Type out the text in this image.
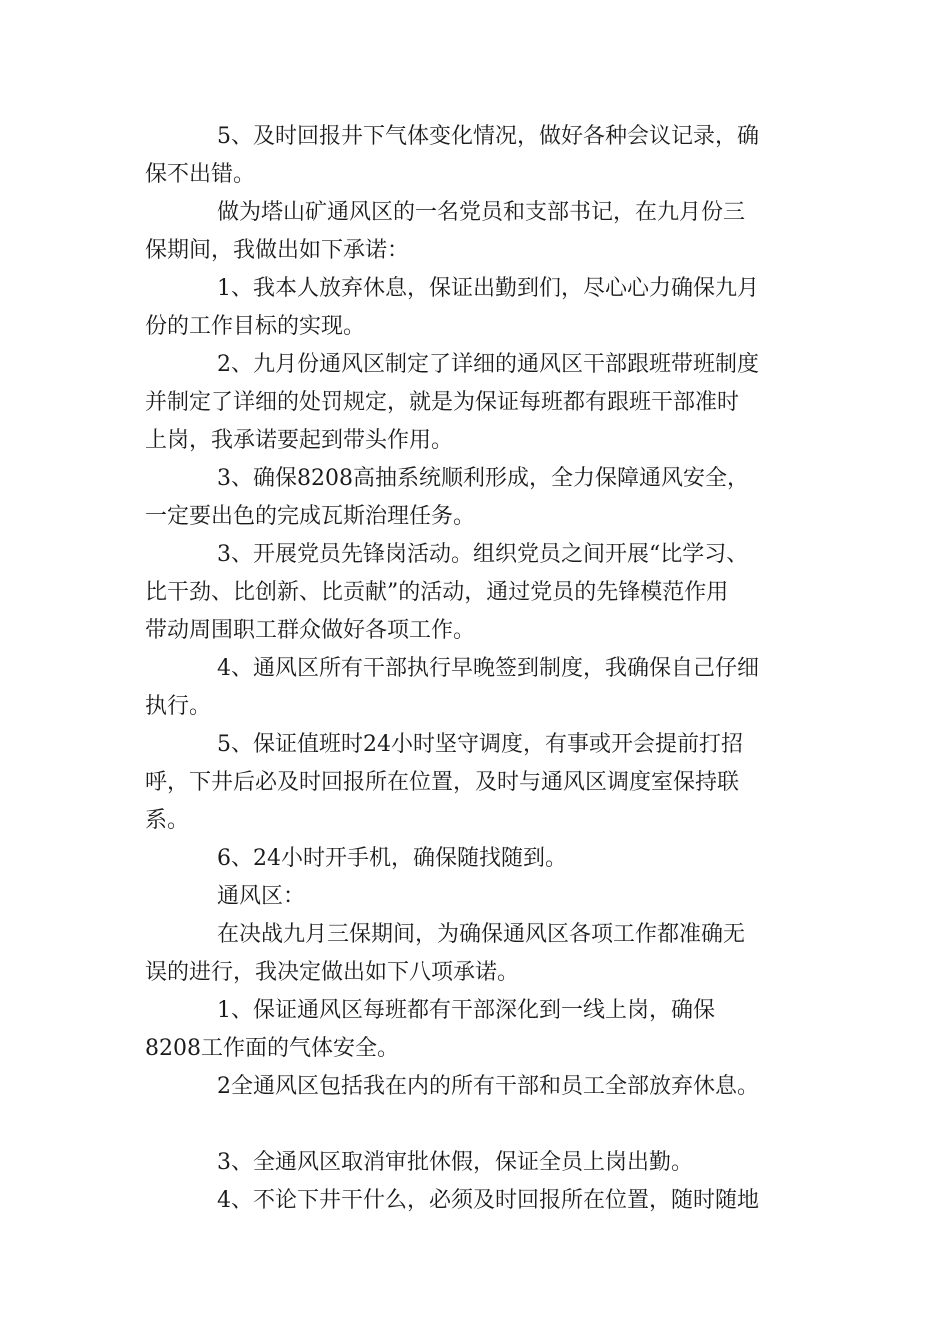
5、及时回报井下气体变化情况，做好各种会议记录，确
保不出错。
做为塔山矿通风区的一名党员和支部书记，在九月份三
保期间，我做出如下承诺：
1、我本人放弃休息，保证出勤到们，尽心心力确保九月
份的工作目标的实现。
2、九月份通风区制定了详细的通风区干部跟班带班制度
并制定了详细的处罚规定，就是为保证每班都有跟班干部准时
上岗，我承诺要起到带头作用。
3、确保8208高抽系统顺利形成，全力保障通风安全，
一定要出色的完成瓦斯治理任务。
3、开展党员先锋岗活动。组织党员之间开展“比学习、
比干劲、比创新、比贡献”的活动，通过党员的先锋模范作用
带动周围职工群众做好各项工作。
4、通风区所有干部执行早晚签到制度，我确保自己仔细
执行。
5、保证值班时24小时坚守调度，有事或开会提前打招
呼，下井后必及时回报所在位置，及时与通风区调度室保持联
系。
6、24小时开手机，确保随找随到。
通风区：
在决战九月三保期间，为确保通风区各项工作都准确无
误的进行，我决定做出如下八项承诺。
1、保证通风区每班都有干部深化到一线上岗，确保
8208工作面的气体安全。
2全通风区包括我在内的所有干部和员工全部放弃休息。
3、全通风区取消审批休假，保证全员上岗出勤。
4、不论下井干什么，必须及时回报所在位置，随时随地
